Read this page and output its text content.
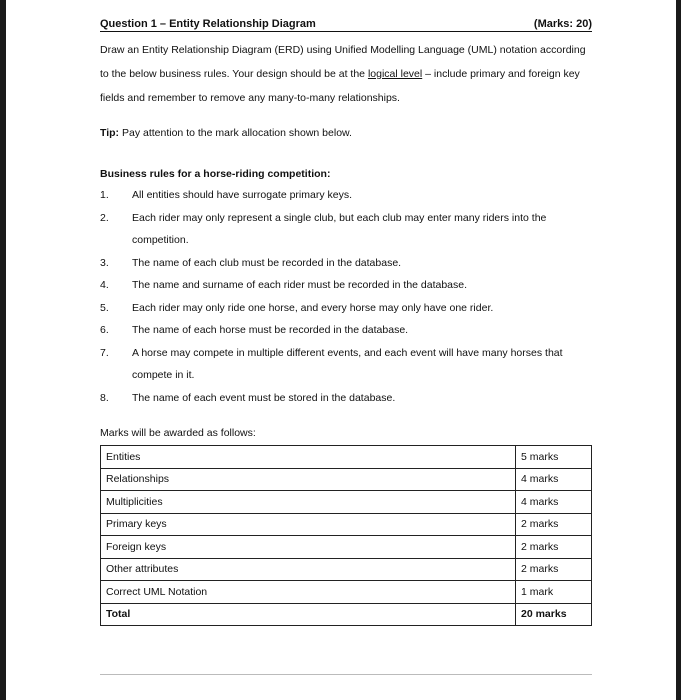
Question 1 – Entity Relationship Diagram	(Marks: 20)
Draw an Entity Relationship Diagram (ERD) using Unified Modelling Language (UML) notation according to the below business rules. Your design should be at the logical level – include primary and foreign key fields and remember to remove any many-to-many relationships.
Tip: Pay attention to the mark allocation shown below.
Business rules for a horse-riding competition:
1.	All entities should have surrogate primary keys.
2.	Each rider may only represent a single club, but each club may enter many riders into the competition.
3.	The name of each club must be recorded in the database.
4.	The name and surname of each rider must be recorded in the database.
5.	Each rider may only ride one horse, and every horse may only have one rider.
6.	The name of each horse must be recorded in the database.
7.	A horse may compete in multiple different events, and each event will have many horses that compete in it.
8.	The name of each event must be stored in the database.
Marks will be awarded as follows:
Entities	5 marks
Relationships	4 marks
Multiplicities	4 marks
Primary keys	2 marks
Foreign keys	2 marks
Other attributes	2 marks
Correct UML Notation	1 mark
Total	20 marks
